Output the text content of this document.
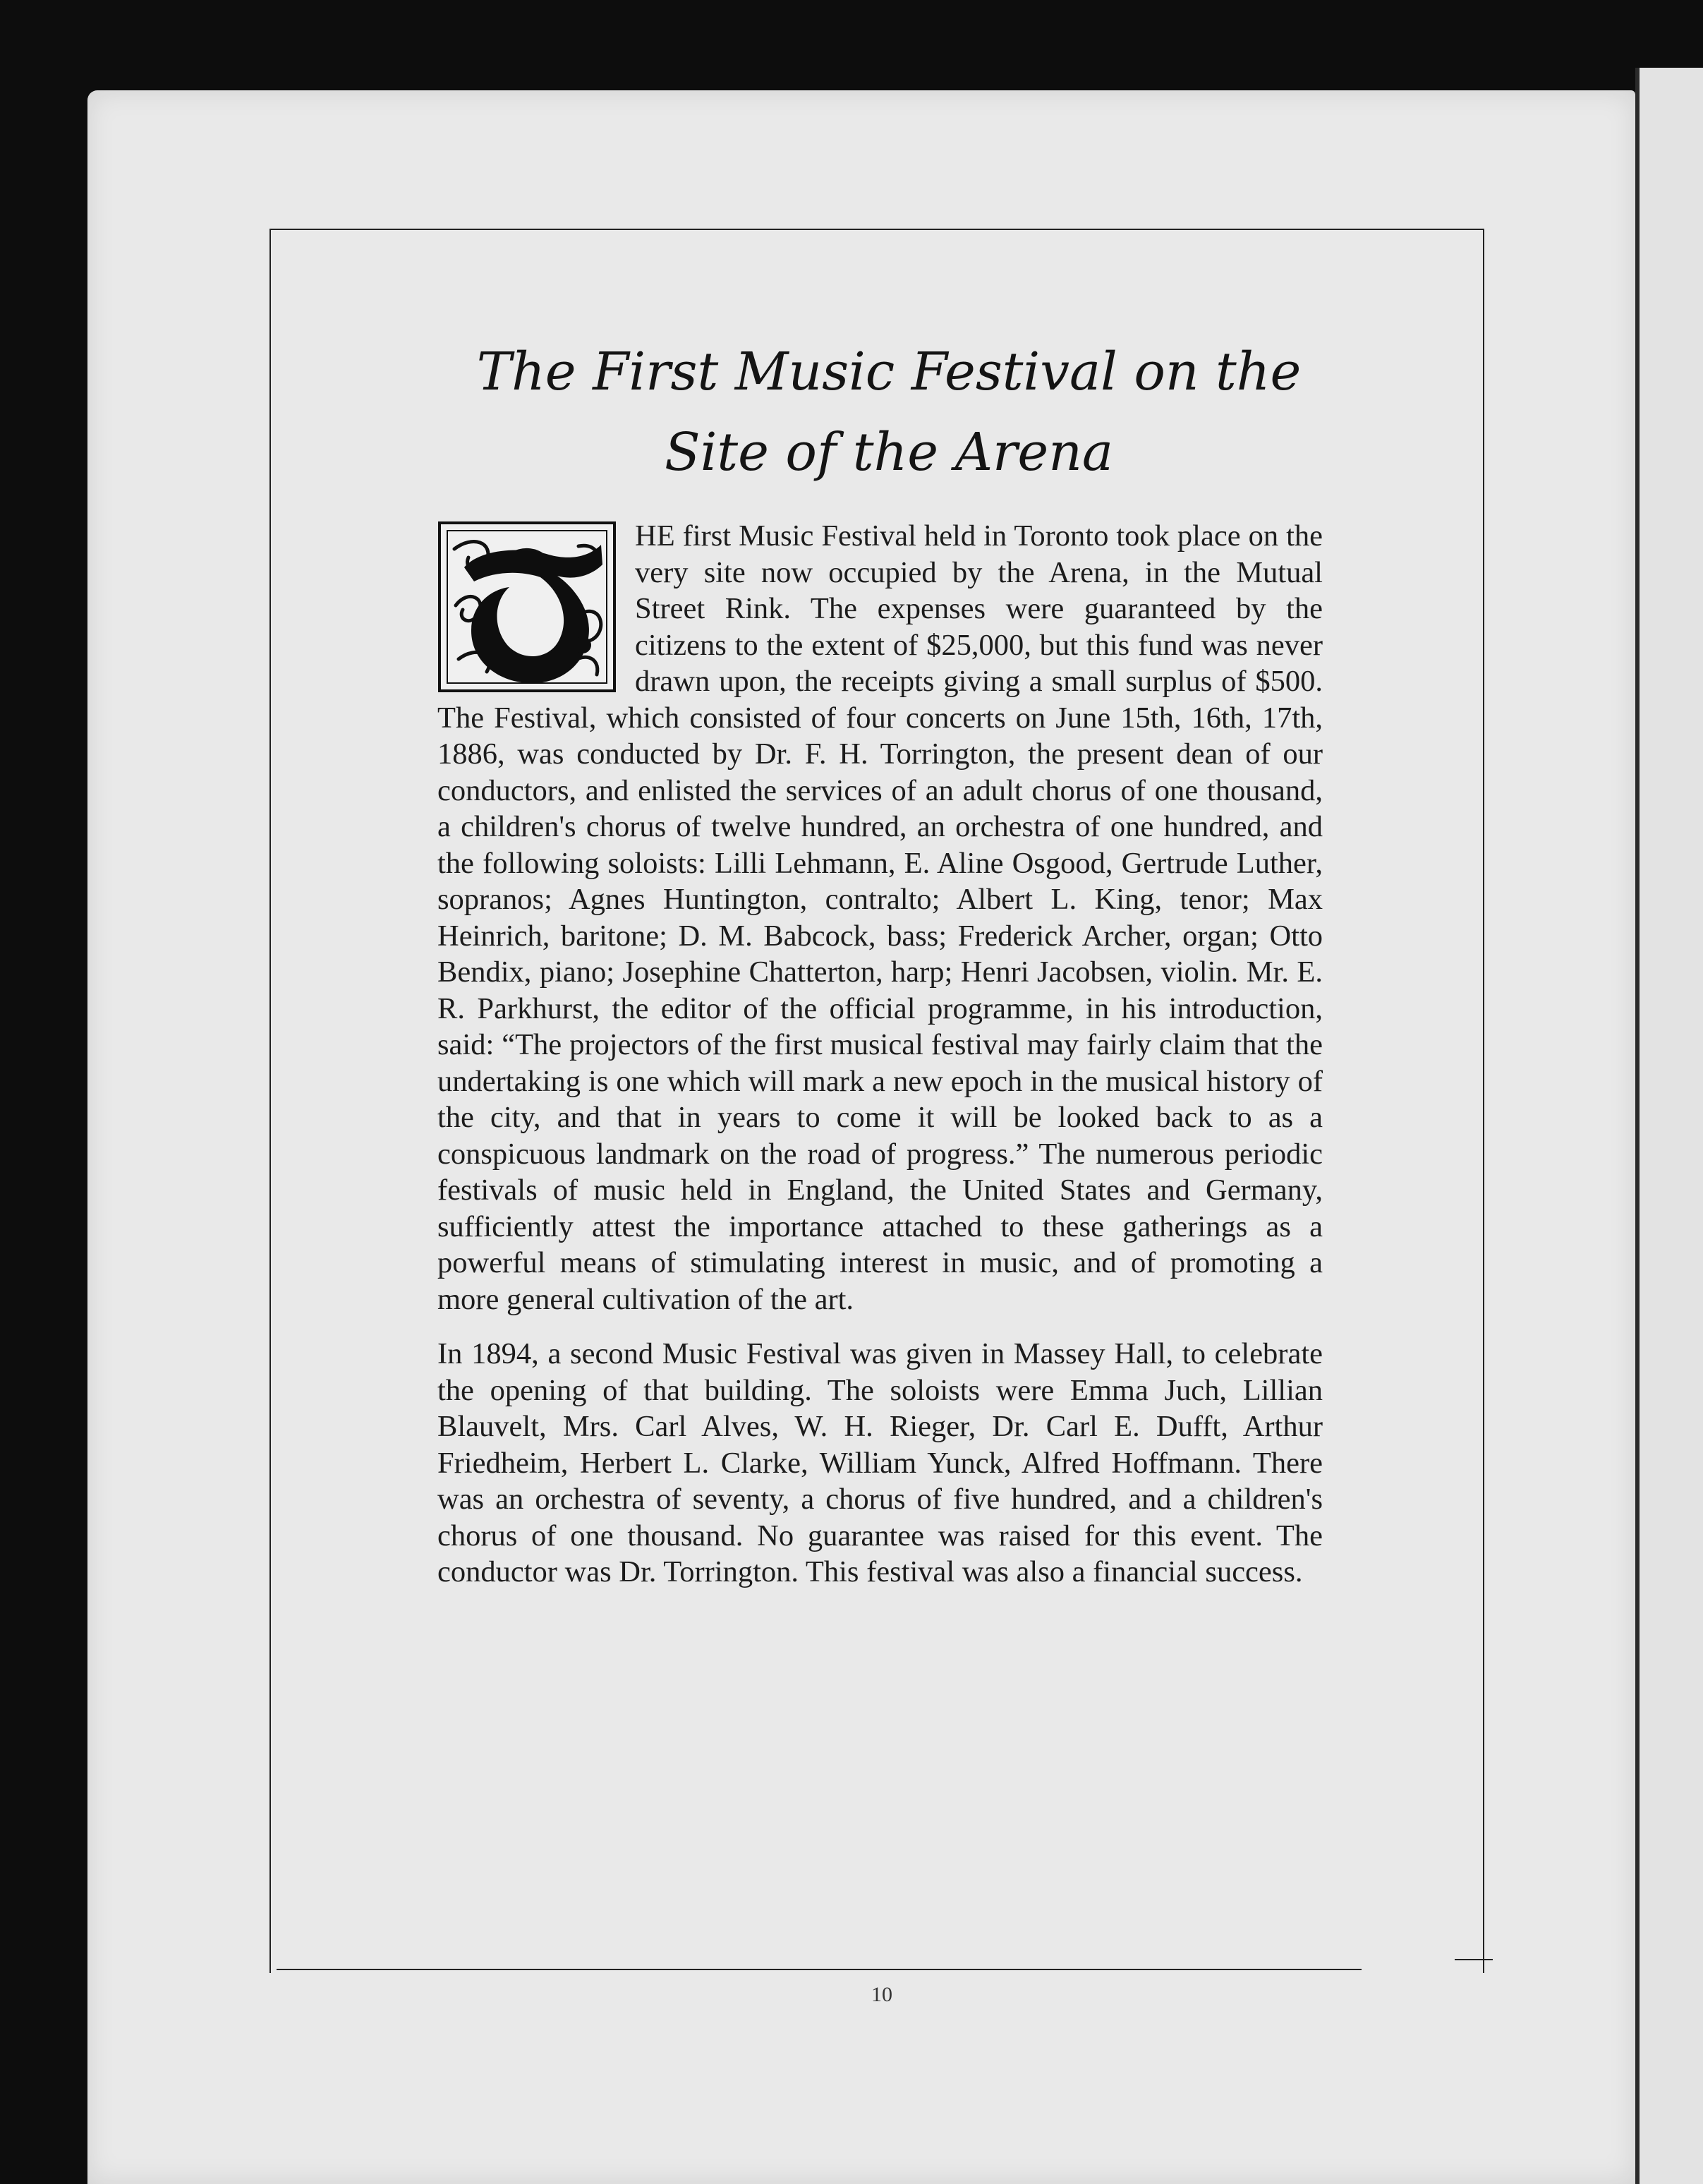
The First Music Festival on the
Site of the Arena

HE first Music Festival held in Toronto took place on the very site now occupied by the Arena, in the Mutual Street Rink. The expenses were guaranteed by the citizens to the extent of $25,000, but this fund was never drawn upon, the receipts giving a small surplus of $500. The Festival, which consisted of four concerts on June 15th, 16th, 17th, 1886, was conducted by Dr. F. H. Torrington, the present dean of our conductors, and enlisted the services of an adult chorus of one thousand, a children's chorus of twelve hundred, an orchestra of one hundred, and the following soloists: Lilli Lehmann, E. Aline Osgood, Gertrude Luther, sopranos; Agnes Huntington, contralto; Albert L. King, tenor; Max Heinrich, baritone; D. M. Babcock, bass; Frederick Archer, organ; Otto Bendix, piano; Josephine Chatterton, harp; Henri Jacobsen, violin. Mr. E. R. Parkhurst, the editor of the official programme, in his introduction, said: “The projectors of the first musical festival may fairly claim that the undertaking is one which will mark a new epoch in the musical history of the city, and that in years to come it will be looked back to as a conspicuous landmark on the road of progress.” The numerous periodic festivals of music held in England, the United States and Germany, sufficiently attest the importance attached to these gatherings as a powerful means of stimulating interest in music, and of promoting a more general cultivation of the art.

In 1894, a second Music Festival was given in Massey Hall, to celebrate the opening of that building. The soloists were Emma Juch, Lillian Blauvelt, Mrs. Carl Alves, W. H. Rieger, Dr. Carl E. Dufft, Arthur Friedheim, Herbert L. Clarke, William Yunck, Alfred Hoffmann. There was an orchestra of seventy, a chorus of five hundred, and a children's chorus of one thousand. No guarantee was raised for this event. The conductor was Dr. Torrington. This festival was also a financial success.

10
